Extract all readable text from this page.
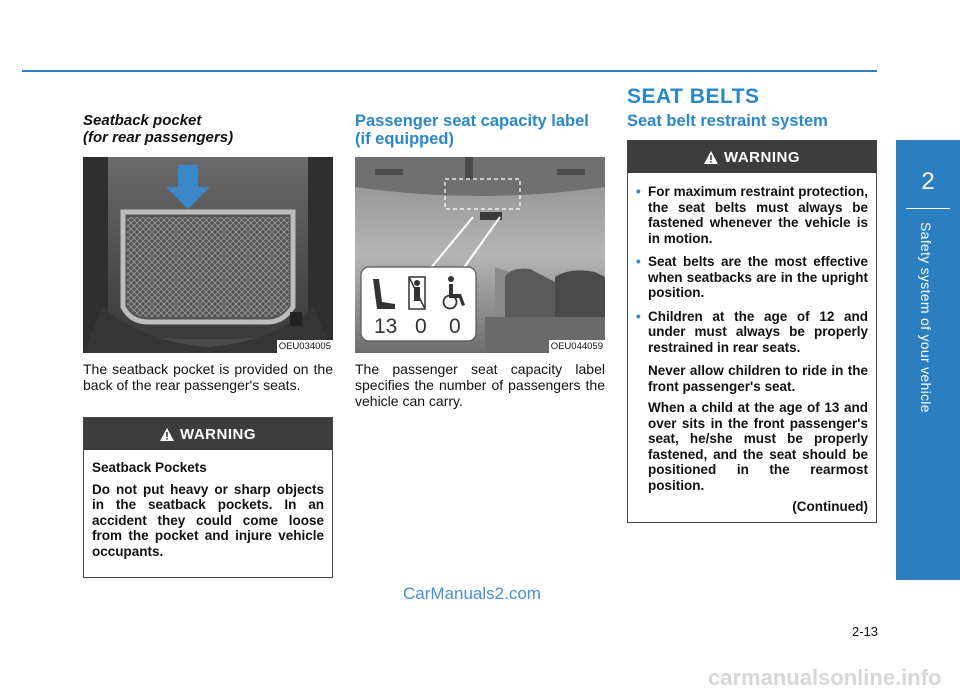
Seatback pocket
(for rear passengers)
OEU034005
The seatback pocket is provided on the back of the rear passenger's seats.
WARNING

Seatback Pockets

Do not put heavy or sharp objects in the seatback pockets. In an accident they could come loose from the pocket and injure vehicle occupants.

Passenger seat capacity label
(if equipped)
13 0 0
OEU044059
The passenger seat capacity label specifies the number of passengers the vehicle can carry.
SEAT BELTS
Seat belt restraint system
WARNING
• For maximum restraint protection, the seat belts must always be fastened whenever the vehicle is in motion.
• Seat belts are the most effective when seatbacks are in the upright position.
• Children at the age of 12 and under must always be properly restrained in rear seats.

Never allow children to ride in the front passenger's seat.

When a child at the age of 13 and over sits in the front passenger's seat, he/she must be properly fastened, and the seat should be positioned in the rearmost position.

(Continued)
2
Safety system of your vehicle
2-13
CarManuals2.com
carmanualsonline.info
